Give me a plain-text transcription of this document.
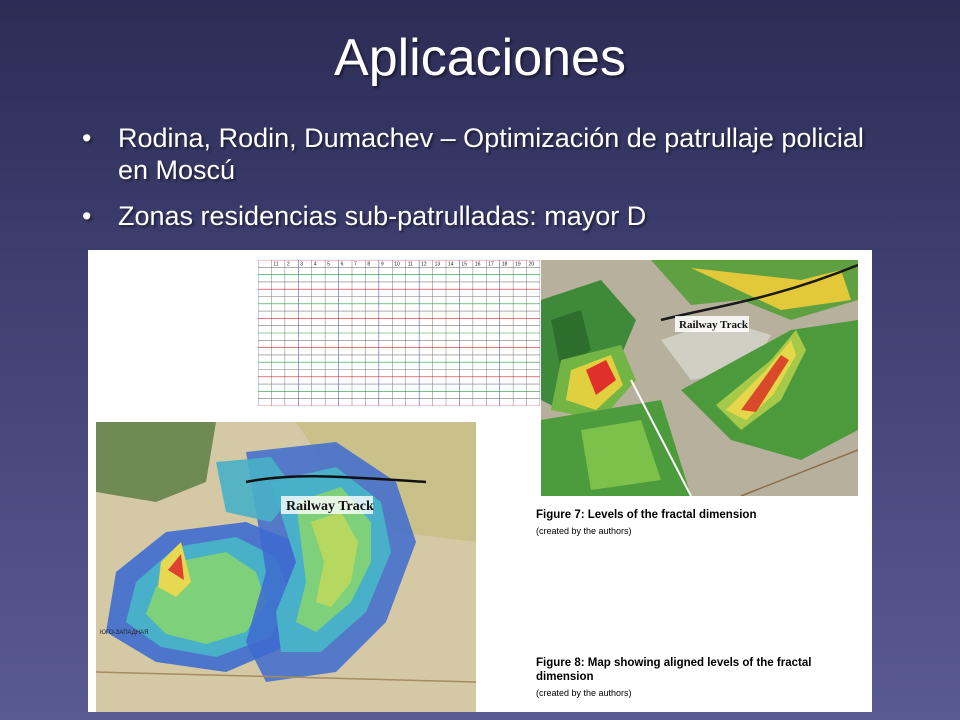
Aplicaciones
• Rodina, Rodin, Dumachev – Optimización de patrullaje policial en Moscú
• Zonas residencias sub-patrulladas: mayor D
11 2 3 4 5 6 7 8 9 10 11 12 13 14 15 16 17 18 19 20
Railway Track
Railway Track
ЮГО-ЗАПАДНАЯ
Figure 7: Levels of the fractal dimension
(created by the authors)
Figure 8: Map showing aligned levels of the fractal dimension
(created by the authors)
